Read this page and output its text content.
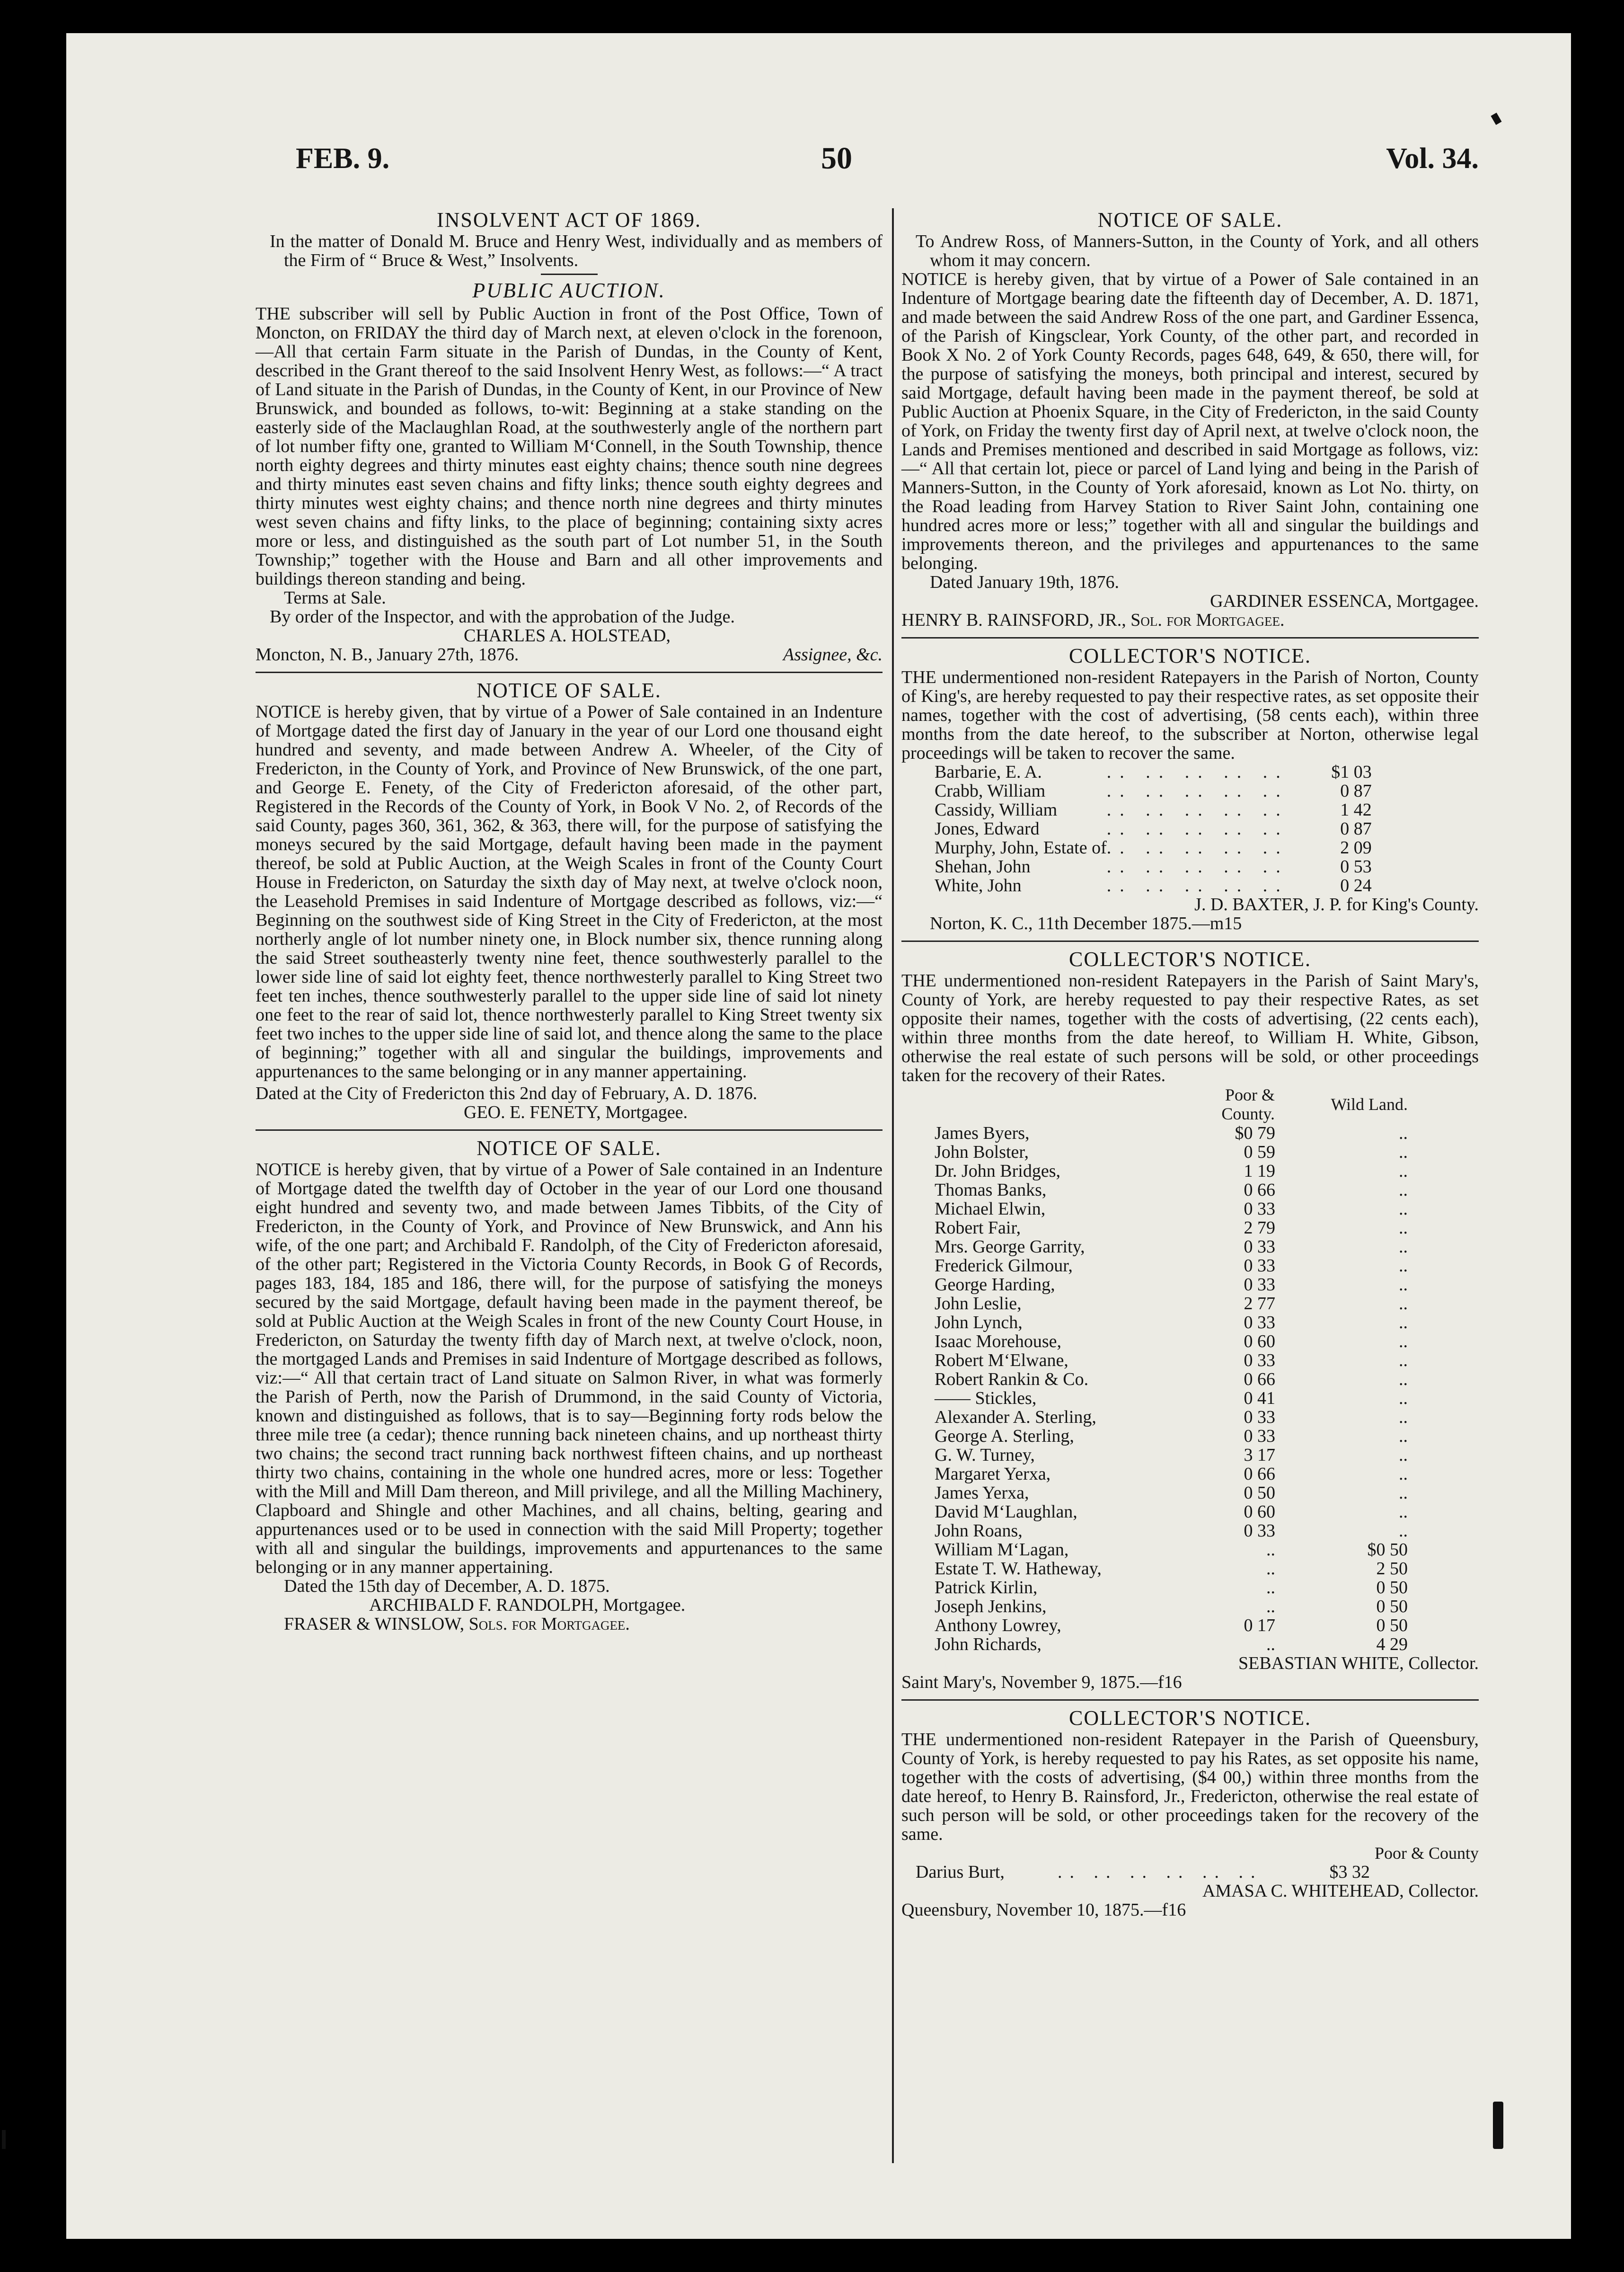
FEB. 9.	50	Vol. 34.
INSOLVENT ACT OF 1869.

In the matter of Donald M. Bruce and Henry West, individually and as members of the Firm of “ Bruce & West,” Insolvents.

PUBLIC AUCTION.

THE subscriber will sell by Public Auction in front of the Post Office, Town of Moncton, on FRIDAY the third day of March next, at eleven o'clock in the forenoon,—All that certain Farm situate in the Parish of Dundas, in the County of Kent, described in the Grant thereof to the said Insolvent Henry West, as follows:—“ A tract of Land situate in the Parish of Dundas, in the County of Kent, in our Province of New Brunswick, and bounded as follows, to-wit: Beginning at a stake standing on the easterly side of the Maclaughlan Road, at the southwesterly angle of the northern part of lot number fifty one, granted to William M‘Connell, in the South Township, thence north eighty degrees and thirty minutes east eighty chains; thence south nine degrees and thirty minutes east seven chains and fifty links; thence south eighty degrees and thirty minutes west eighty chains; and thence north nine degrees and thirty minutes west seven chains and fifty links, to the place of beginning; containing sixty acres more or less, and distinguished as the south part of Lot number 51, in the South Township;” together with the House and Barn and all other improvements and buildings thereon standing and being.

Terms at Sale.

By order of the Inspector, and with the approbation of the Judge.

CHARLES A. HOLSTEAD,

Moncton, N. B., January 27th, 1876.	Assignee, &c.
NOTICE OF SALE.

NOTICE is hereby given, that by virtue of a Power of Sale contained in an Indenture of Mortgage dated the first day of January in the year of our Lord one thousand eight hundred and seventy, and made between Andrew A. Wheeler, of the City of Fredericton, in the County of York, and Province of New Brunswick, of the one part, and George E. Fenety, of the City of Fredericton aforesaid, of the other part, Registered in the Records of the County of York, in Book V No. 2, of Records of the said County, pages 360, 361, 362, & 363, there will, for the purpose of satisfying the moneys secured by the said Mortgage, default having been made in the payment thereof, be sold at Public Auction, at the Weigh Scales in front of the County Court House in Fredericton, on Saturday the sixth day of May next, at twelve o'clock noon, the Leasehold Premises in said Indenture of Mortgage described as follows, viz:—“ Beginning on the southwest side of King Street in the City of Fredericton, at the most northerly angle of lot number ninety one, in Block number six, thence running along the said Street southeasterly twenty nine feet, thence southwesterly parallel to the lower side line of said lot eighty feet, thence northwesterly parallel to King Street two feet ten inches, thence southwesterly parallel to the upper side line of said lot ninety one feet to the rear of said lot, thence northwesterly parallel to King Street twenty six feet two inches to the upper side line of said lot, and thence along the same to the place of beginning;” together with all and singular the buildings, improvements and appurtenances to the same belonging or in any manner appertaining.

Dated at the City of Fredericton this 2nd day of February, A. D. 1876.

GEO. E. FENETY, Mortgagee.

NOTICE OF SALE.

NOTICE is hereby given, that by virtue of a Power of Sale contained in an Indenture of Mortgage dated the twelfth day of October in the year of our Lord one thousand eight hundred and seventy two, and made between James Tibbits, of the City of Fredericton, in the County of York, and Province of New Brunswick, and Ann his wife, of the one part; and Archibald F. Randolph, of the City of Fredericton aforesaid, of the other part; Registered in the Victoria County Records, in Book G of Records, pages 183, 184, 185 and 186, there will, for the purpose of satisfying the moneys secured by the said Mortgage, default having been made in the payment thereof, be sold at Public Auction at the Weigh Scales in front of the new County Court House, in Fredericton, on Saturday the twenty fifth day of March next, at twelve o'clock, noon, the mortgaged Lands and Premises in said Indenture of Mortgage described as follows, viz:—“ All that certain tract of Land situate on Salmon River, in what was formerly the Parish of Perth, now the Parish of Drummond, in the said County of Victoria, known and distinguished as follows, that is to say—Beginning forty rods below the three mile tree (a cedar); thence running back nineteen chains, and up northeast thirty two chains; the second tract running back northwest fifteen chains, and up northeast thirty two chains, containing in the whole one hundred acres, more or less: Together with the Mill and Mill Dam thereon, and Mill privilege, and all the Milling Machinery, Clapboard and Shingle and other Machines, and all chains, belting, gearing and appurtenances used or to be used in connection with the said Mill Property; together with all and singular the buildings, improvements and appurtenances to the same belonging or in any manner appertaining.

Dated the 15th day of December, A. D. 1875.

ARCHIBALD F. RANDOLPH, Mortgagee.

FRASER & WINSLOW, Sols. for Mortgagee.

NOTICE OF SALE.

To Andrew Ross, of Manners-Sutton, in the County of York, and all others whom it may concern.

NOTICE is hereby given, that by virtue of a Power of Sale contained in an Indenture of Mortgage bearing date the fifteenth day of December, A. D. 1871, and made between the said Andrew Ross of the one part, and Gardiner Essenca, of the Parish of Kingsclear, York County, of the other part, and recorded in Book X No. 2 of York County Records, pages 648, 649, & 650, there will, for the purpose of satisfying the moneys, both principal and interest, secured by said Mortgage, default having been made in the payment thereof, be sold at Public Auction at Phoenix Square, in the City of Fredericton, in the said County of York, on Friday the twenty first day of April next, at twelve o'clock noon, the Lands and Premises mentioned and described in said Mortgage as follows, viz:—“ All that certain lot, piece or parcel of Land lying and being in the Parish of Manners-Sutton, in the County of York aforesaid, known as Lot No. thirty, on the Road leading from Harvey Station to River Saint John, containing one hundred acres more or less;” together with all and singular the buildings and improvements thereon, and the privileges and appurtenances to the same belonging.

Dated January 19th, 1876.

GARDINER ESSENCA, Mortgagee.

HENRY B. RAINSFORD, JR., Sol. for Mortgagee.

COLLECTOR'S NOTICE.

THE undermentioned non-resident Ratepayers in the Parish of Norton, County of King's, are hereby requested to pay their respective rates, as set opposite their names, together with the cost of advertising, (58 cents each), within three months from the date hereof, to the subscriber at Norton, otherwise legal proceedings will be taken to recover the same.

Barbarie, E. A.	.. .. .. .. ..	$1 03
Crabb, William	.. .. .. .. ..	0 87
Cassidy, William	.. .. .. .. ..	1 42
Jones, Edward	.. .. .. .. ..	0 87
Murphy, John, Estate of	.. .. .. .. ..	2 09
Shehan, John	.. .. .. .. ..	0 53
White, John	.. .. .. .. ..	0 24

J. D. BAXTER, J. P. for King's County.

Norton, K. C., 11th December 1875.—m15

COLLECTOR'S NOTICE.

THE undermentioned non-resident Ratepayers in the Parish of Saint Mary's, County of York, are hereby requested to pay their respective Rates, as set opposite their names, together with the costs of advertising, (22 cents each), within three months from the date hereof, to William H. White, Gibson, otherwise the real estate of such persons will be sold, or other proceedings taken for the recovery of their Rates.

	Poor & County.	Wild Land.
James Byers,	$0 79	..
John Bolster,	0 59	..
Dr. John Bridges,	1 19	..
Thomas Banks,	0 66	..
Michael Elwin,	0 33	..
Robert Fair,	2 79	..
Mrs. George Garrity,	0 33	..
Frederick Gilmour,	0 33	..
George Harding,	0 33	..
John Leslie,	2 77	..
John Lynch,	0 33	..
Isaac Morehouse,	0 60	..
Robert M‘Elwane,	0 33	..
Robert Rankin & Co.	0 66	..
—— Stickles,	0 41	..
Alexander A. Sterling,	0 33	..
George A. Sterling,	0 33	..
G. W. Turney,	3 17	..
Margaret Yerxa,	0 66	..
James Yerxa,	0 50	..
David M‘Laughlan,	0 60	..
John Roans,	0 33	..
William M‘Lagan,	..	$0 50
Estate T. W. Hatheway,	..	2 50
Patrick Kirlin,	..	0 50
Joseph Jenkins,	..	0 50
Anthony Lowrey,	0 17	0 50
John Richards,	..	4 29

SEBASTIAN WHITE, Collector.

Saint Mary's, November 9, 1875.—f16

COLLECTOR'S NOTICE.

THE undermentioned non-resident Ratepayer in the Parish of Queensbury, County of York, is hereby requested to pay his Rates, as set opposite his name, together with the costs of advertising, ($4 00,) within three months from the date hereof, to Henry B. Rainsford, Jr., Fredericton, otherwise the real estate of such person will be sold, or other proceedings taken for the recovery of the same.

Poor & County

Darius Burt,	.. .. .. .. .. ..	$3 32

AMASA C. WHITEHEAD, Collector.

Queensbury, November 10, 1875.—f16
